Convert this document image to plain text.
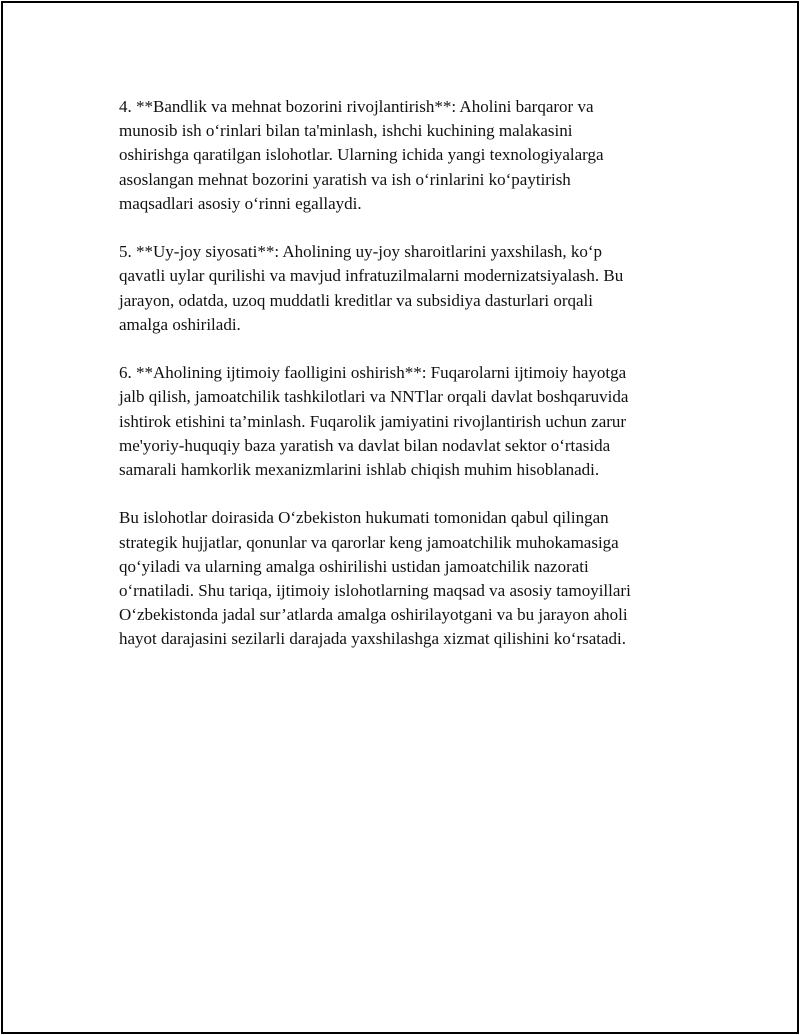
4. **Bandlik va mehnat bozorini rivojlantirish**: Aholini barqaror va
munosib ish o‘rinlari bilan ta'minlash, ishchi kuchining malakasini
oshirishga qaratilgan islohotlar. Ularning ichida yangi texnologiyalarga
asoslangan mehnat bozorini yaratish va ish o‘rinlarini ko‘paytirish
maqsadlari asosiy o‘rinni egallaydi.

5. **Uy-joy siyosati**: Aholining uy-joy sharoitlarini yaxshilash, ko‘p
qavatli uylar qurilishi va mavjud infratuzilmalarni modernizatsiyalash. Bu
jarayon, odatda, uzoq muddatli kreditlar va subsidiya dasturlari orqali
amalga oshiriladi.

6. **Aholining ijtimoiy faolligini oshirish**: Fuqarolarni ijtimoiy hayotga
jalb qilish, jamoatchilik tashkilotlari va NNTlar orqali davlat boshqaruvida
ishtirok etishini ta’minlash. Fuqarolik jamiyatini rivojlantirish uchun zarur
me'yoriy-huquqiy baza yaratish va davlat bilan nodavlat sektor o‘rtasida
samarali hamkorlik mexanizmlarini ishlab chiqish muhim hisoblanadi.

Bu islohotlar doirasida O‘zbekiston hukumati tomonidan qabul qilingan
strategik hujjatlar, qonunlar va qarorlar keng jamoatchilik muhokamasiga
qo‘yiladi va ularning amalga oshirilishi ustidan jamoatchilik nazorati
o‘rnatiladi. Shu tariqa, ijtimoiy islohotlarning maqsad va asosiy tamoyillari
O‘zbekistonda jadal sur’atlarda amalga oshirilayotgani va bu jarayon aholi
hayot darajasini sezilarli darajada yaxshilashga xizmat qilishini ko‘rsatadi.
